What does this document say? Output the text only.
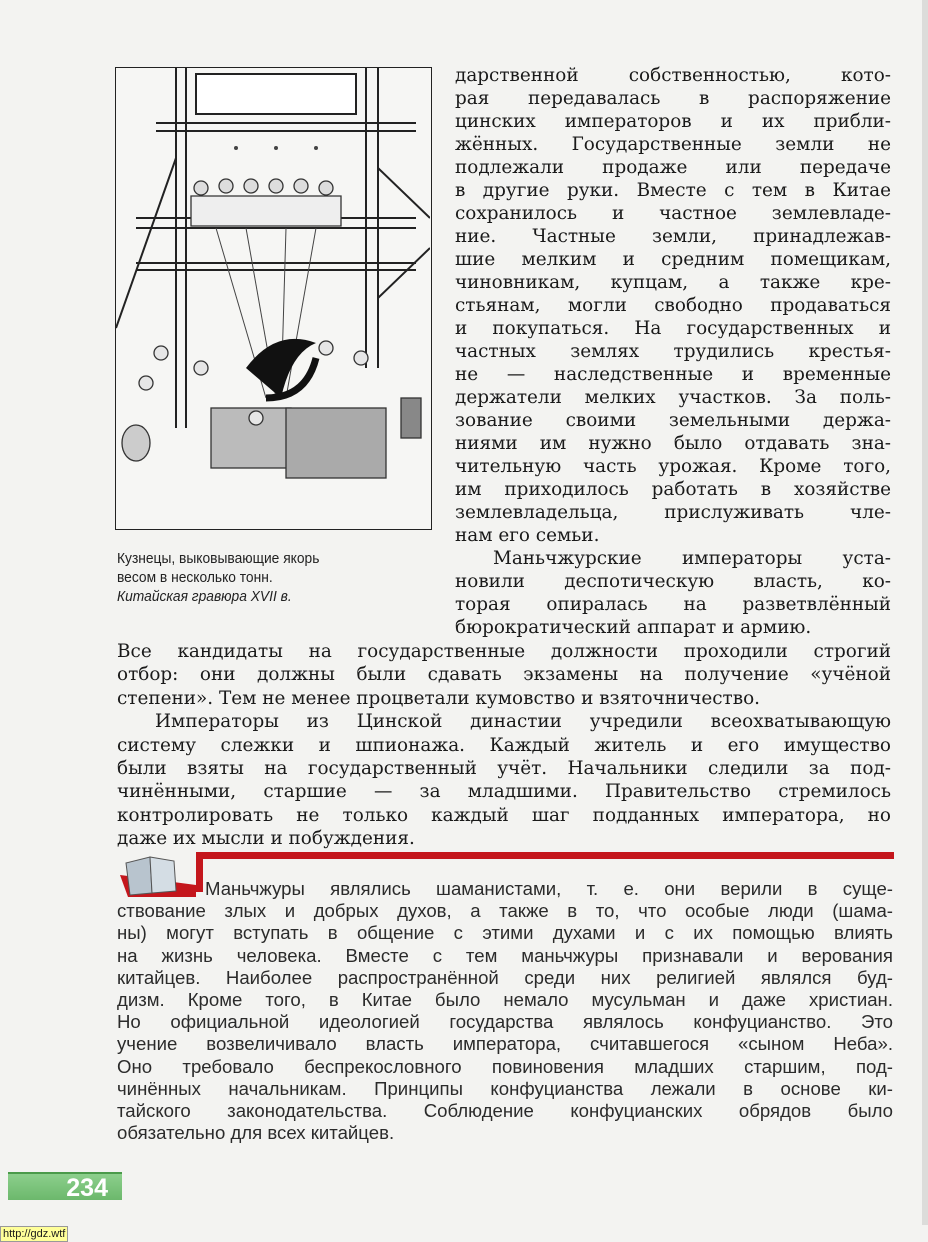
Кузнецы, выковывающие якорь
весом в несколько тонн.
Китайская гравюра XVII в.
дарственной собственностью, кото-
рая передавалась в распоряжение
цинских императоров и их прибли-
жённых. Государственные земли не
подлежали продаже или передаче
в другие руки. Вместе с тем в Китае
сохранилось и частное землевладе-
ние. Частные земли, принадлежав-
шие мелким и средним помещикам,
чиновникам, купцам, а также кре-
стьянам, могли свободно продаваться
и покупаться. На государственных и
частных землях трудились крестья-
не — наследственные и временные
держатели мелких участков. За поль-
зование своими земельными держа-
ниями им нужно было отдавать зна-
чительную часть урожая. Кроме того,
им приходилось работать в хозяйстве
землевладельца, прислуживать чле-
нам его семьи.
Маньчжурские императоры уста-
новили деспотическую власть, ко-
торая опиралась на разветвлённый
бюрократический аппарат и армию.
Все кандидаты на государственные должности проходили строгий
отбор: они должны были сдавать экзамены на получение «учёной
степени». Тем не менее процветали кумовство и взяточничество.
Императоры из Цинской династии учредили всеохватывающую
систему слежки и шпионажа. Каждый житель и его имущество
были взяты на государственный учёт. Начальники следили за под-
чинёнными, старшие — за младшими. Правительство стремилось
контролировать не только каждый шаг подданных императора, но
даже их мысли и побуждения.
Маньчжуры являлись шаманистами, т. е. они верили в суще-
ствование злых и добрых духов, а также в то, что особые люди (шама-
ны) могут вступать в общение с этими духами и с их помощью влиять
на жизнь человека. Вместе с тем маньчжуры признавали и верования
китайцев. Наиболее распространённой среди них религией являлся буд-
дизм. Кроме того, в Китае было немало мусульман и даже христиан.
Но официальной идеологией государства являлось конфуцианство. Это
учение возвеличивало власть императора, считавшегося «сыном Неба».
Оно требовало беспрекословного повиновения младших старшим, под-
чинённых начальникам. Принципы конфуцианства лежали в основе ки-
тайского законодательства. Соблюдение конфуцианских обрядов было
обязательно для всех китайцев.
234
http://gdz.wtf
